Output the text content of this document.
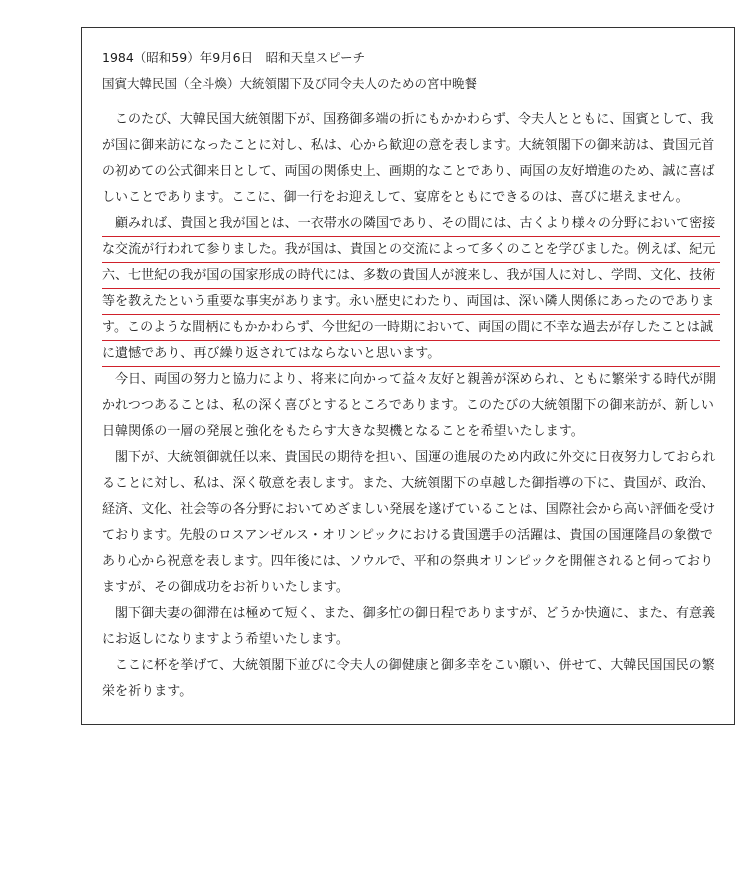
1984（昭和59）年9月6日　昭和天皇スピーチ
国賓大韓民国（全斗煥）大統領閣下及び同令夫人のための宮中晩餐
このたび、大韓民国大統領閣下が、国務御多端の折にもかかわらず、令夫人とともに、国賓として、我
が国に御来訪になったことに対し、私は、心から歓迎の意を表します。大統領閣下の御来訪は、貴国元首
の初めての公式御来日として、両国の関係史上、画期的なことであり、両国の友好増進のため、誠に喜ば
しいことであります。ここに、御一行をお迎えして、宴席をともにできるのは、喜びに堪えません。
顧みれば、貴国と我が国とは、一衣帯水の隣国であり、その間には、古くより様々の分野において密接
な交流が行われて参りました。我が国は、貴国との交流によって多くのことを学びました。例えば、紀元
六、七世紀の我が国の国家形成の時代には、多数の貴国人が渡来し、我が国人に対し、学問、文化、技術
等を教えたという重要な事実があります。永い歴史にわたり、両国は、深い隣人関係にあったのでありま
す。このような間柄にもかかわらず、今世紀の一時期において、両国の間に不幸な過去が存したことは誠
に遺憾であり、再び繰り返されてはならないと思います。
今日、両国の努力と協力により、将来に向かって益々友好と親善が深められ、ともに繁栄する時代が開
かれつつあることは、私の深く喜びとするところであります。このたびの大統領閣下の御来訪が、新しい
日韓関係の一層の発展と強化をもたらす大きな契機となることを希望いたします。
閣下が、大統領御就任以来、貴国民の期待を担い、国運の進展のため内政に外交に日夜努力しておられ
ることに対し、私は、深く敬意を表します。また、大統領閣下の卓越した御指導の下に、貴国が、政治、
経済、文化、社会等の各分野においてめざましい発展を遂げていることは、国際社会から高い評価を受け
ております。先般のロスアンゼルス・オリンピックにおける貴国選手の活躍は、貴国の国運隆昌の象徴で
あり心から祝意を表します。四年後には、ソウルで、平和の祭典オリンピックを開催されると伺っており
ますが、その御成功をお祈りいたします。
閣下御夫妻の御滞在は極めて短く、また、御多忙の御日程でありますが、どうか快適に、また、有意義
にお返しになりますよう希望いたします。
ここに杯を挙げて、大統領閣下並びに令夫人の御健康と御多幸をこい願い、併せて、大韓民国国民の繁
栄を祈ります。
